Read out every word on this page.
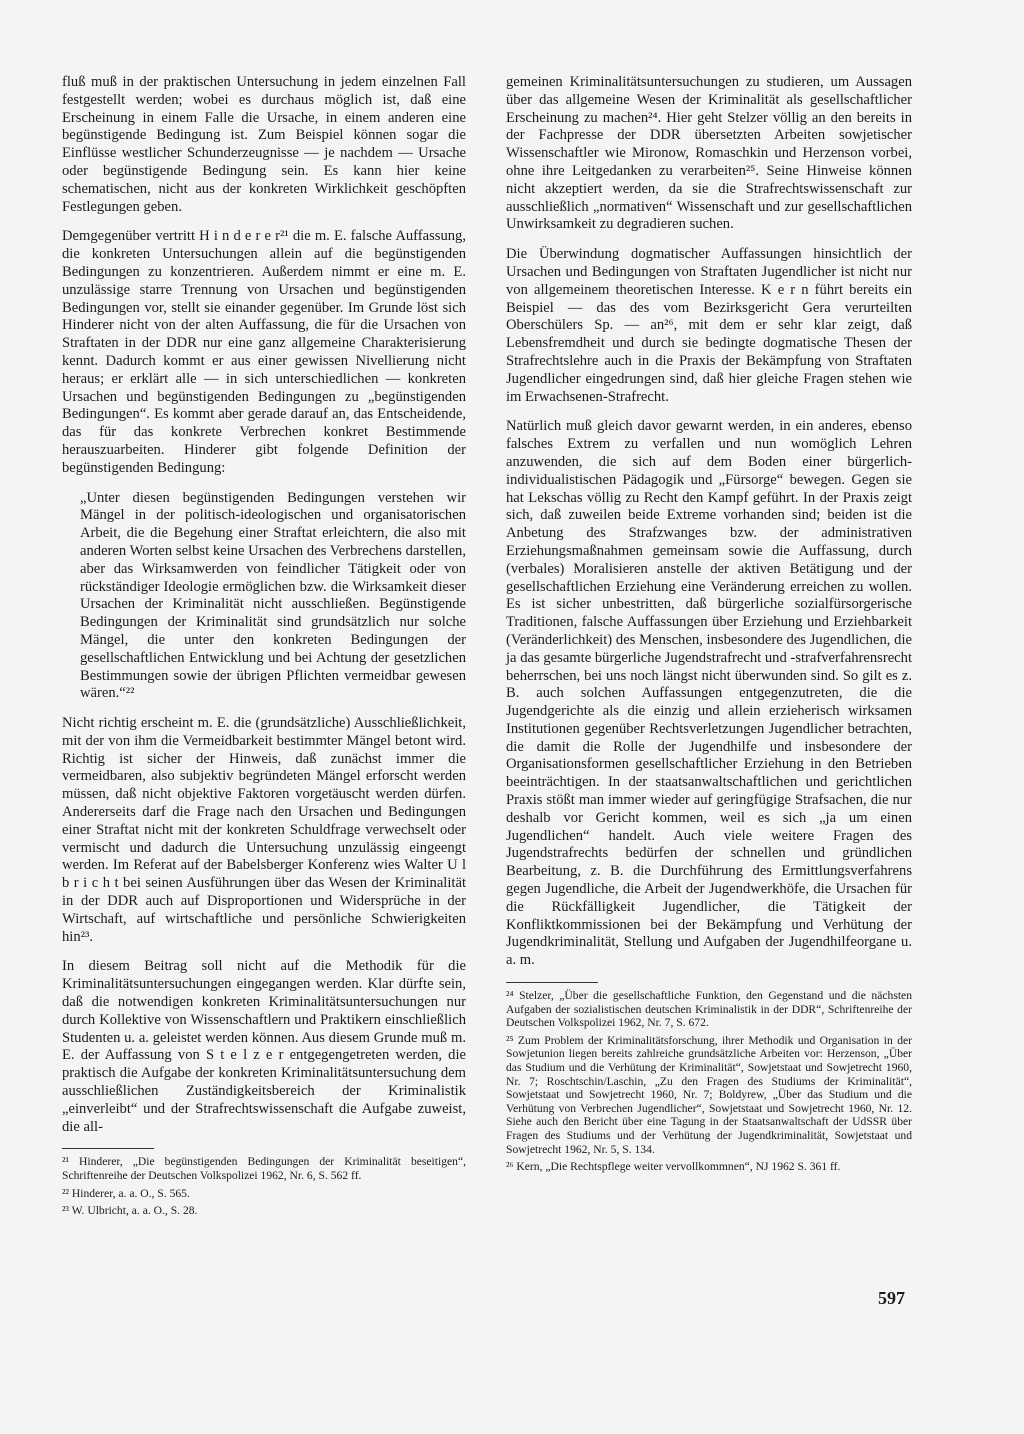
fluß muß in der praktischen Untersuchung in jedem einzelnen Fall festgestellt werden; wobei es durchaus möglich ist, daß eine Erscheinung in einem Falle die Ursache, in einem anderen eine begünstigende Bedingung ist. Zum Beispiel können sogar die Einflüsse westlicher Schunderzeugnisse — je nachdem — Ursache oder begünstigende Bedingung sein. Es kann hier keine schematischen, nicht aus der konkreten Wirklichkeit geschöpften Festlegungen geben.

Demgegenüber vertritt H i n d e r e r²¹ die m. E. falsche Auffassung, die konkreten Untersuchungen allein auf die begünstigenden Bedingungen zu konzentrieren. Außerdem nimmt er eine m. E. unzulässige starre Trennung von Ursachen und begünstigenden Bedingungen vor, stellt sie einander gegenüber. Im Grunde löst sich Hinderer nicht von der alten Auffassung, die für die Ursachen von Straftaten in der DDR nur eine ganz allgemeine Charakterisierung kennt. Dadurch kommt er aus einer gewissen Nivellierung nicht heraus; er erklärt alle — in sich unterschiedlichen — konkreten Ursachen und begünstigenden Bedingungen zu „begünstigenden Bedingungen“. Es kommt aber gerade darauf an, das Entscheidende, das für das konkrete Verbrechen konkret Bestimmende herauszuarbeiten. Hinderer gibt folgende Definition der begünstigenden Bedingung:

„Unter diesen begünstigenden Bedingungen verstehen wir Mängel in der politisch-ideologischen und organisatorischen Arbeit, die die Begehung einer Straftat erleichtern, die also mit anderen Worten selbst keine Ursachen des Verbrechens darstellen, aber das Wirksamwerden von feindlicher Tätigkeit oder von rückständiger Ideologie ermöglichen bzw. die Wirksamkeit dieser Ursachen der Kriminalität nicht ausschließen. Begünstigende Bedingungen der Kriminalität sind grundsätzlich nur solche Mängel, die unter den konkreten Bedingungen der gesellschaftlichen Entwicklung und bei Achtung der gesetzlichen Bestimmungen sowie der übrigen Pflichten vermeidbar gewesen wären.“²²

Nicht richtig erscheint m. E. die (grundsätzliche) Ausschließlichkeit, mit der von ihm die Vermeidbarkeit bestimmter Mängel betont wird. Richtig ist sicher der Hinweis, daß zunächst immer die vermeidbaren, also subjektiv begründeten Mängel erforscht werden müssen, daß nicht objektive Faktoren vorgetäuscht werden dürfen. Andererseits darf die Frage nach den Ursachen und Bedingungen einer Straftat nicht mit der konkreten Schuldfrage verwechselt oder vermischt und dadurch die Untersuchung unzulässig eingeengt werden. Im Referat auf der Babelsberger Konferenz wies Walter U l b r i c h t bei seinen Ausführungen über das Wesen der Kriminalität in der DDR auch auf Disproportionen und Widersprüche in der Wirtschaft, auf wirtschaftliche und persönliche Schwierigkeiten hin²³.

In diesem Beitrag soll nicht auf die Methodik für die Kriminalitätsuntersuchungen eingegangen werden. Klar dürfte sein, daß die notwendigen konkreten Kriminalitätsuntersuchungen nur durch Kollektive von Wissenschaftlern und Praktikern einschließlich Studenten u. a. geleistet werden können. Aus diesem Grunde muß m. E. der Auffassung von S t e l z e r entgegengetreten werden, die praktisch die Aufgabe der konkreten Kriminalitätsuntersuchung dem ausschließlichen Zuständigkeitsbereich der Kriminalistik „einverleibt“ und der Strafrechtswissenschaft die Aufgabe zuweist, die all-

²¹ Hinderer, „Die begünstigenden Bedingungen der Kriminalität beseitigen“, Schriftenreihe der Deutschen Volkspolizei 1962, Nr. 6, S. 562 ff.

²² Hinderer, a. a. O., S. 565.

²³ W. Ulbricht, a. a. O., S. 28.

gemeinen Kriminalitätsuntersuchungen zu studieren, um Aussagen über das allgemeine Wesen der Kriminalität als gesellschaftlicher Erscheinung zu machen²⁴. Hier geht Stelzer völlig an den bereits in der Fachpresse der DDR übersetzten Arbeiten sowjetischer Wissenschaftler wie Mironow, Romaschkin und Herzenson vorbei, ohne ihre Leitgedanken zu verarbeiten²⁵. Seine Hinweise können nicht akzeptiert werden, da sie die Strafrechtswissenschaft zur ausschließlich „normativen“ Wissenschaft und zur gesellschaftlichen Unwirksamkeit zu degradieren suchen.

Die Überwindung dogmatischer Auffassungen hinsichtlich der Ursachen und Bedingungen von Straftaten Jugendlicher ist nicht nur von allgemeinem theoretischen Interesse. K e r n führt bereits ein Beispiel — das des vom Bezirksgericht Gera verurteilten Oberschülers Sp. — an²⁶, mit dem er sehr klar zeigt, daß Lebensfremdheit und durch sie bedingte dogmatische Thesen der Strafrechtslehre auch in die Praxis der Bekämpfung von Straftaten Jugendlicher eingedrungen sind, daß hier gleiche Fragen stehen wie im Erwachsenen-Strafrecht.

Natürlich muß gleich davor gewarnt werden, in ein anderes, ebenso falsches Extrem zu verfallen und nun womöglich Lehren anzuwenden, die sich auf dem Boden einer bürgerlich-individualistischen Pädagogik und „Fürsorge“ bewegen. Gegen sie hat Lekschas völlig zu Recht den Kampf geführt. In der Praxis zeigt sich, daß zuweilen beide Extreme vorhanden sind; beiden ist die Anbetung des Strafzwanges bzw. der administrativen Erziehungsmaßnahmen gemeinsam sowie die Auffassung, durch (verbales) Moralisieren anstelle der aktiven Betätigung und der gesellschaftlichen Erziehung eine Veränderung erreichen zu wollen. Es ist sicher unbestritten, daß bürgerliche sozialfürsorgerische Traditionen, falsche Auffassungen über Erziehung und Erziehbarkeit (Veränderlichkeit) des Menschen, insbesondere des Jugendlichen, die ja das gesamte bürgerliche Jugendstrafrecht und -strafverfahrensrecht beherrschen, bei uns noch längst nicht überwunden sind. So gilt es z. B. auch solchen Auffassungen entgegenzutreten, die die Jugendgerichte als die einzig und allein erzieherisch wirksamen Institutionen gegenüber Rechtsverletzungen Jugendlicher betrachten, die damit die Rolle der Jugendhilfe und insbesondere der Organisationsformen gesellschaftlicher Erziehung in den Betrieben beeinträchtigen. In der staatsanwaltschaftlichen und gerichtlichen Praxis stößt man immer wieder auf geringfügige Strafsachen, die nur deshalb vor Gericht kommen, weil es sich „ja um einen Jugendlichen“ handelt. Auch viele weitere Fragen des Jugendstrafrechts bedürfen der schnellen und gründlichen Bearbeitung, z. B. die Durchführung des Ermittlungsverfahrens gegen Jugendliche, die Arbeit der Jugendwerkhöfe, die Ursachen für die Rückfälligkeit Jugendlicher, die Tätigkeit der Konfliktkommissionen bei der Bekämpfung und Verhütung der Jugendkriminalität, Stellung und Aufgaben der Jugendhilfeorgane u. a. m.

²⁴ Stelzer, „Über die gesellschaftliche Funktion, den Gegenstand und die nächsten Aufgaben der sozialistischen deutschen Kriminalistik in der DDR“, Schriftenreihe der Deutschen Volkspolizei 1962, Nr. 7, S. 672.

²⁵ Zum Problem der Kriminalitätsforschung, ihrer Methodik und Organisation in der Sowjetunion liegen bereits zahlreiche grundsätzliche Arbeiten vor: Herzenson, „Über das Studium und die Verhütung der Kriminalität“, Sowjetstaat und Sowjetrecht 1960, Nr. 7; Roschtschin/Laschin, „Zu den Fragen des Studiums der Kriminalität“, Sowjetstaat und Sowjetrecht 1960, Nr. 7; Boldyrew, „Über das Studium und die Verhütung von Verbrechen Jugendlicher“, Sowjetstaat und Sowjetrecht 1960, Nr. 12. Siehe auch den Bericht über eine Tagung in der Staatsanwaltschaft der UdSSR über Fragen des Studiums und der Verhütung der Jugendkriminalität, Sowjetstaat und Sowjetrecht 1962, Nr. 5, S. 134.

²⁶ Kern, „Die Rechtspflege weiter vervollkommnen“, NJ 1962 S. 361 ff.

597
